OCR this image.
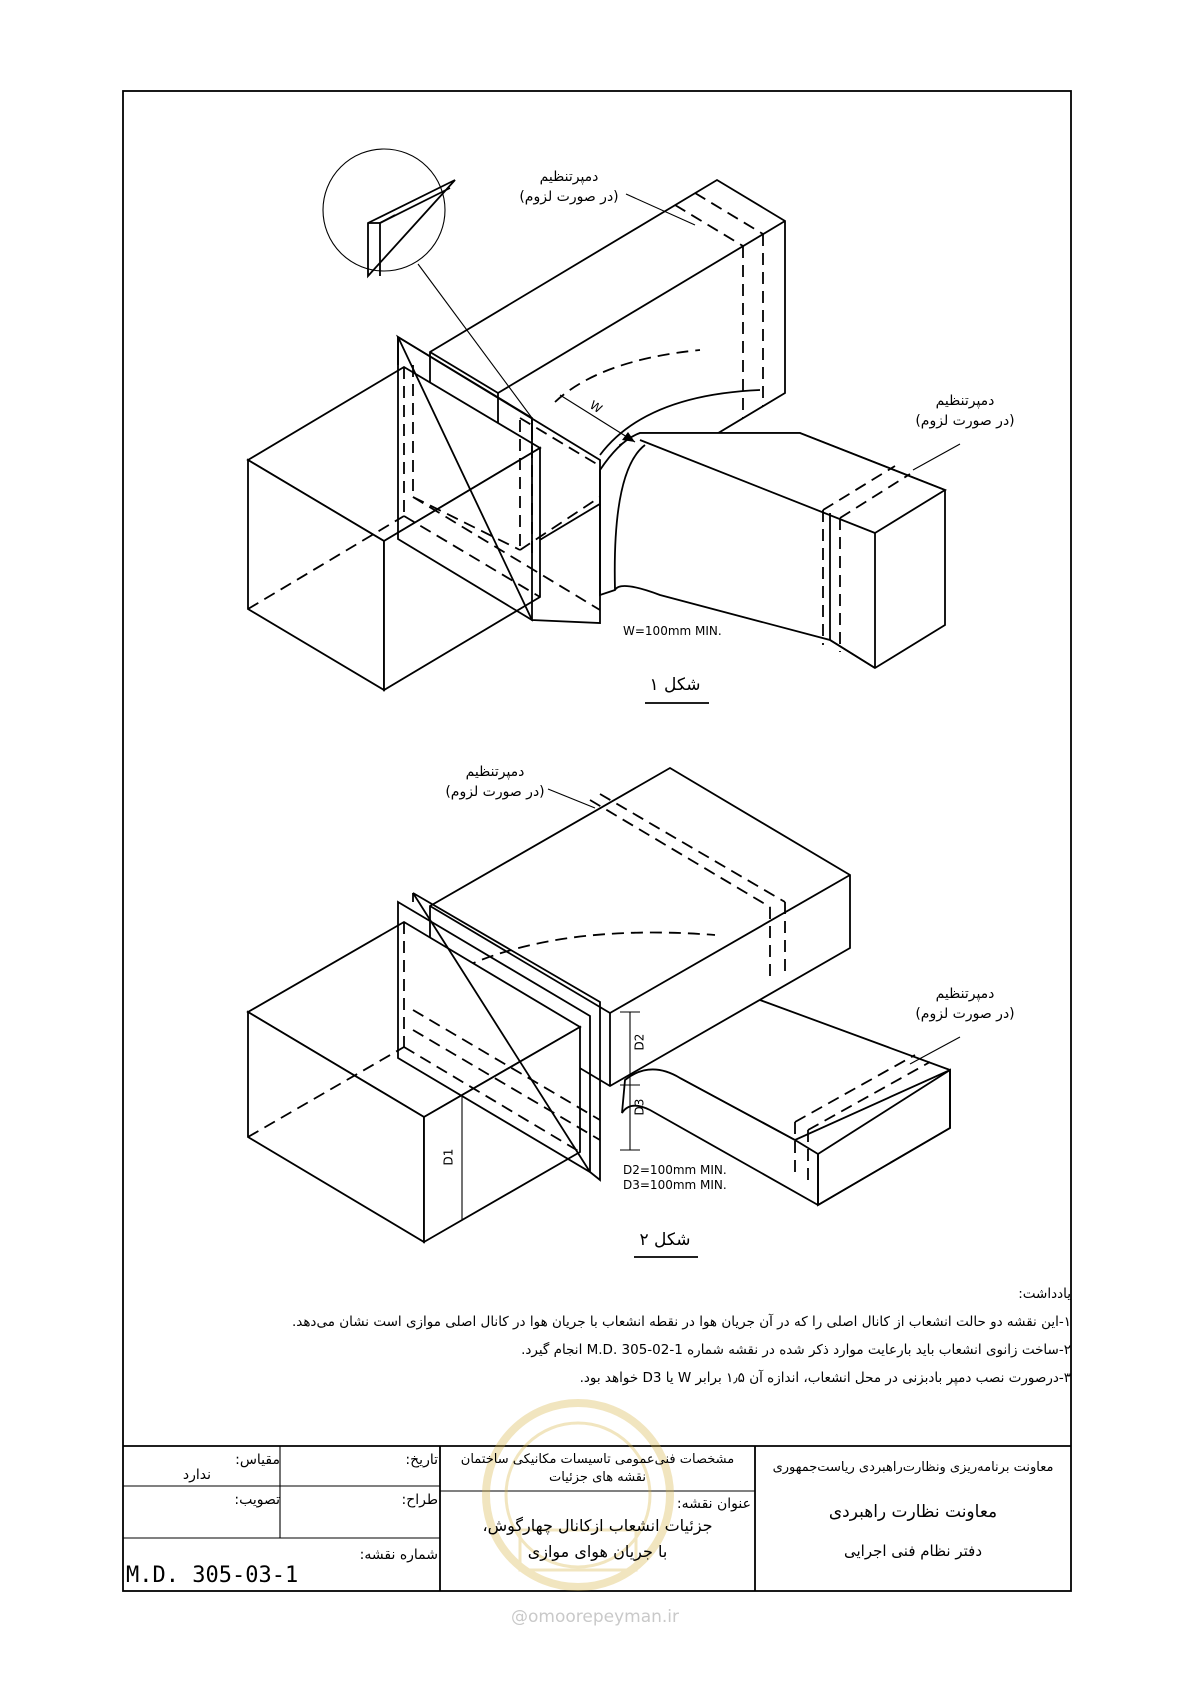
دمپرتنظیم
(در صورت لزوم)
دمپرتنظیم
(در صورت لزوم)
W
W=100mm MIN.
شکل ۱
دمپرتنظیم
(در صورت لزوم)
دمپرتنظیم
(در صورت لزوم)
D1
D2
D3
D2=100mm MIN.
D3=100mm MIN.
شکل ۲
یادداشت:
۱-این نقشه دو حالت انشعاب از کانال اصلی را که در آن جریان هوا در نقطه انشعاب با جریان هوا در کانال اصلی موازی است نشان می‌دهد.
۲-ساخت زانوی انشعاب باید بارعایت موارد ذکر شده در نقشه شماره M.D. 305-02-1 انجام گیرد.
۳-درصورت نصب دمپر بادبزنی در محل انشعاب، اندازه آن ۱٫۵ برابر W یا D3 خواهد بود.
مقیاس:
ندارد
تاریخ:
تصویب:	طراح:
شماره نقشه:
M.D. 305-03-1
مشخصات فنی‌عمومی تاسیسات مکانیکی ساختمان
نقشه های جزئیات
عنوان نقشه:
جزئیات انشعاب ازکانال چهارگوش،
با جریان هوای موازی
معاونت برنامه‌ریزی ونظارت‌راهبردی ریاست‌جمهوری
معاونت نظارت راهبردی
دفتر نظام فنی اجرایی
@omoorepeyman.ir
